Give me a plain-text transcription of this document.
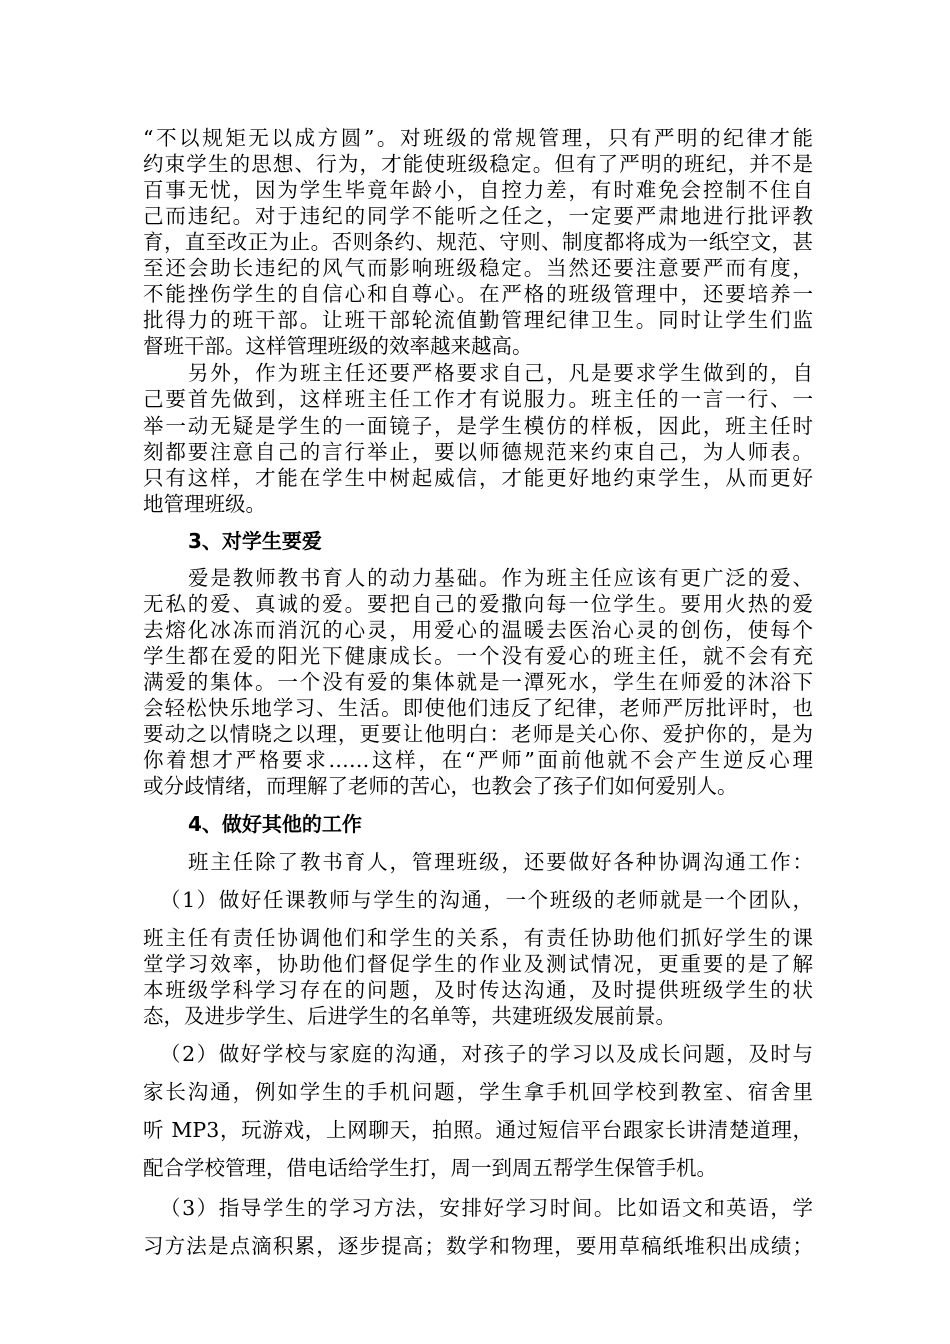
“不以规矩无以成方圆”。对班级的常规管理，只有严明的纪律才能
约束学生的思想、行为，才能使班级稳定。但有了严明的班纪，并不是
百事无忧，因为学生毕竟年龄小，自控力差，有时难免会控制不住自
己而违纪。对于违纪的同学不能听之任之，一定要严肃地进行批评教
育，直至改正为止。否则条约、规范、守则、制度都将成为一纸空文，甚
至还会助长违纪的风气而影响班级稳定。当然还要注意要严而有度，
不能挫伤学生的自信心和自尊心。在严格的班级管理中，还要培养一
批得力的班干部。让班干部轮流值勤管理纪律卫生。同时让学生们监
督班干部。这样管理班级的效率越来越高。
另外，作为班主任还要严格要求自己，凡是要求学生做到的，自
己要首先做到，这样班主任工作才有说服力。班主任的一言一行、一
举一动无疑是学生的一面镜子，是学生模仿的样板，因此，班主任时
刻都要注意自己的言行举止，要以师德规范来约束自己，为人师表。
只有这样，才能在学生中树起威信，才能更好地约束学生，从而更好
地管理班级。
3、对学生要爱
爱是教师教书育人的动力基础。作为班主任应该有更广泛的爱、
无私的爱、真诚的爱。要把自己的爱撒向每一位学生。要用火热的爱
去熔化冰冻而消沉的心灵，用爱心的温暖去医治心灵的创伤，使每个
学生都在爱的阳光下健康成长。一个没有爱心的班主任，就不会有充
满爱的集体。一个没有爱的集体就是一潭死水，学生在师爱的沐浴下
会轻松快乐地学习、生活。即使他们违反了纪律，老师严厉批评时，也
要动之以情晓之以理，更要让他明白：老师是关心你、爱护你的，是为
你着想才严格要求……这样，在“严师”面前他就不会产生逆反心理
或分歧情绪，而理解了老师的苦心，也教会了孩子们如何爱别人。
4、做好其他的工作
班主任除了教书育人，管理班级，还要做好各种协调沟通工作：
（1）做好任课教师与学生的沟通，一个班级的老师就是一个团队，
班主任有责任协调他们和学生的关系，有责任协助他们抓好学生的课
堂学习效率，协助他们督促学生的作业及测试情况，更重要的是了解
本班级学科学习存在的问题，及时传达沟通，及时提供班级学生的状
态，及进步学生、后进学生的名单等，共建班级发展前景。
（2）做好学校与家庭的沟通，对孩子的学习以及成长问题，及时与
家长沟通，例如学生的手机问题，学生拿手机回学校到教室、宿舍里
听 MP3，玩游戏，上网聊天，拍照。通过短信平台跟家长讲清楚道理，
配合学校管理，借电话给学生打，周一到周五帮学生保管手机。
（3）指导学生的学习方法，安排好学习时间。比如语文和英语，学
习方法是点滴积累，逐步提高；数学和物理，要用草稿纸堆积出成绩；
